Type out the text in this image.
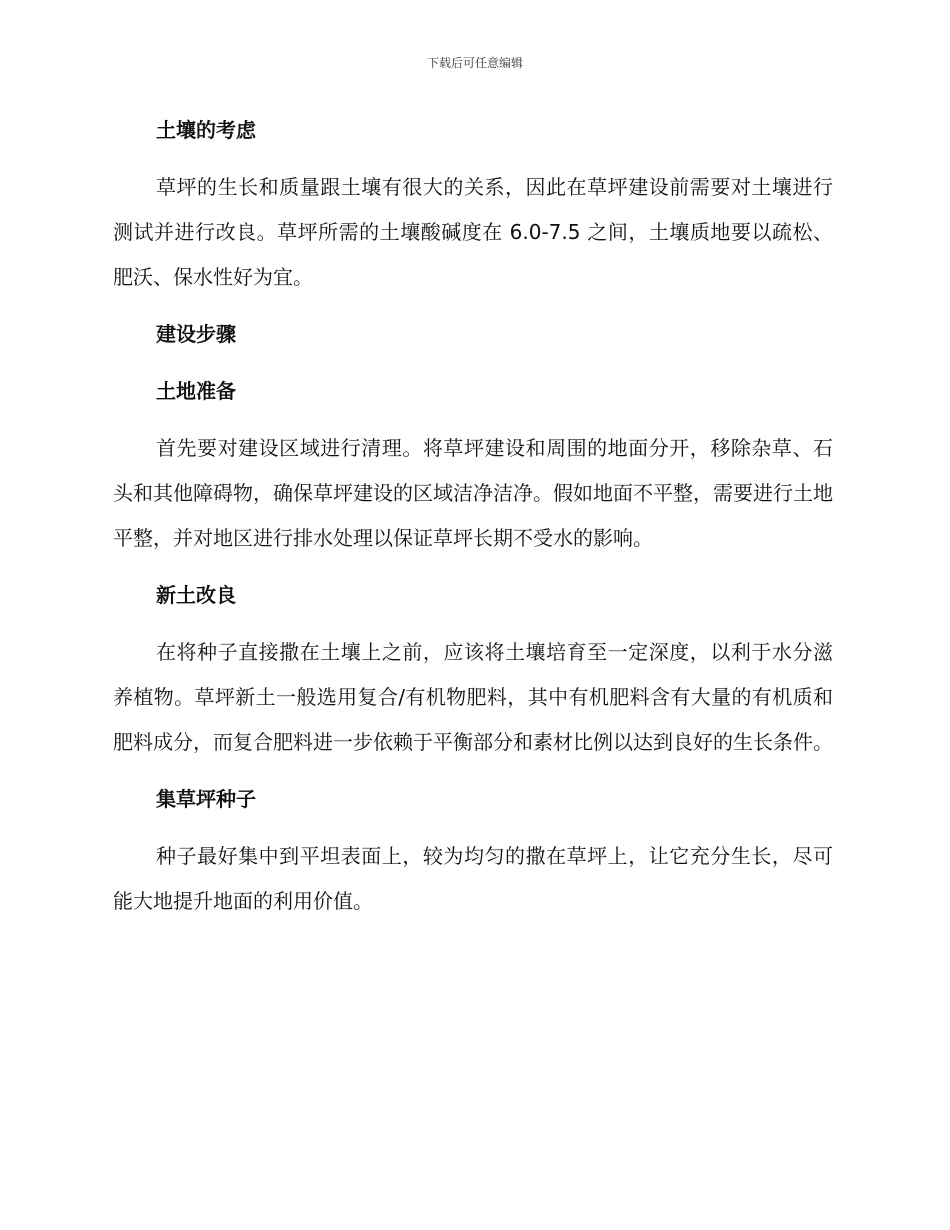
下载后可任意编辑
土壤的考虑

草坪的生长和质量跟土壤有很大的关系，因此在草坪建设前需要对土壤进行测试并进行改良。草坪所需的土壤酸碱度在 6.0-7.5 之间，土壤质地要以疏松、肥沃、保水性好为宜。

建设步骤
土地准备

首先要对建设区域进行清理。将草坪建设和周围的地面分开，移除杂草、石头和其他障碍物，确保草坪建设的区域洁净洁净。假如地面不平整，需要进行土地平整，并对地区进行排水处理以保证草坪长期不受水的影响。

新土改良

在将种子直接撒在土壤上之前，应该将土壤培育至一定深度，以利于水分滋养植物。草坪新土一般选用复合/有机物肥料，其中有机肥料含有大量的有机质和肥料成分，而复合肥料进一步依赖于平衡部分和素材比例以达到良好的生长条件。

集草坪种子

种子最好集中到平坦表面上，较为均匀的撒在草坪上，让它充分生长，尽可能大地提升地面的利用价值。
